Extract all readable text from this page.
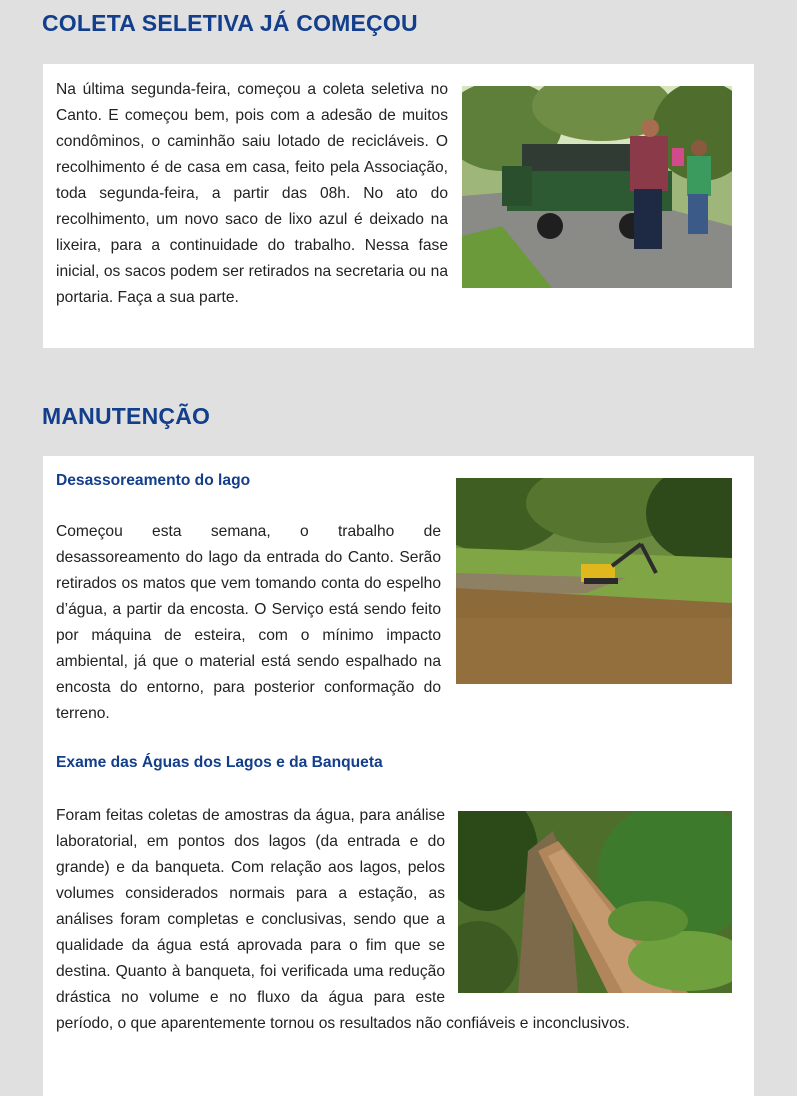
COLETA SELETIVA JÁ COMEÇOU

Na última segunda-feira, começou a coleta seletiva no Canto. E começou bem, pois com a adesão de muitos condôminos, o caminhão saiu lotado de recicláveis. O recolhimento é de casa em casa, feito pela Associação, toda segunda-feira, a partir das 08h. No ato do recolhimento, um novo saco de lixo azul é deixado na lixeira, para a continuidade do trabalho. Nessa fase inicial, os sacos podem ser retirados na secretaria ou na portaria. Faça a sua parte.

MANUTENÇÃO
Desassoreamento do lago

Começou esta semana, o trabalho de desassoreamento do lago da entrada do Canto. Serão retirados os matos que vem tomando conta do espelho d’água, a partir da encosta. O Serviço está sendo feito por máquina de esteira, com o mínimo impacto ambiental, já que o material está sendo espalhado na encosta do entorno, para posterior conformação do terreno.

Exame das Águas dos Lagos e da Banqueta

Foram feitas coletas de amostras da água, para análise laboratorial, em pontos dos lagos (da entrada e do grande) e da banqueta. Com relação aos lagos, pelos volumes considerados normais para a estação, as análises foram completas e conclusivas, sendo que a qualidade da água está aprovada para o fim que se destina. Quanto à banqueta, foi verificada uma redução drástica no volume e no fluxo da água para este período, o que aparentemente tornou os resultados não confiáveis e inconclusivos.
